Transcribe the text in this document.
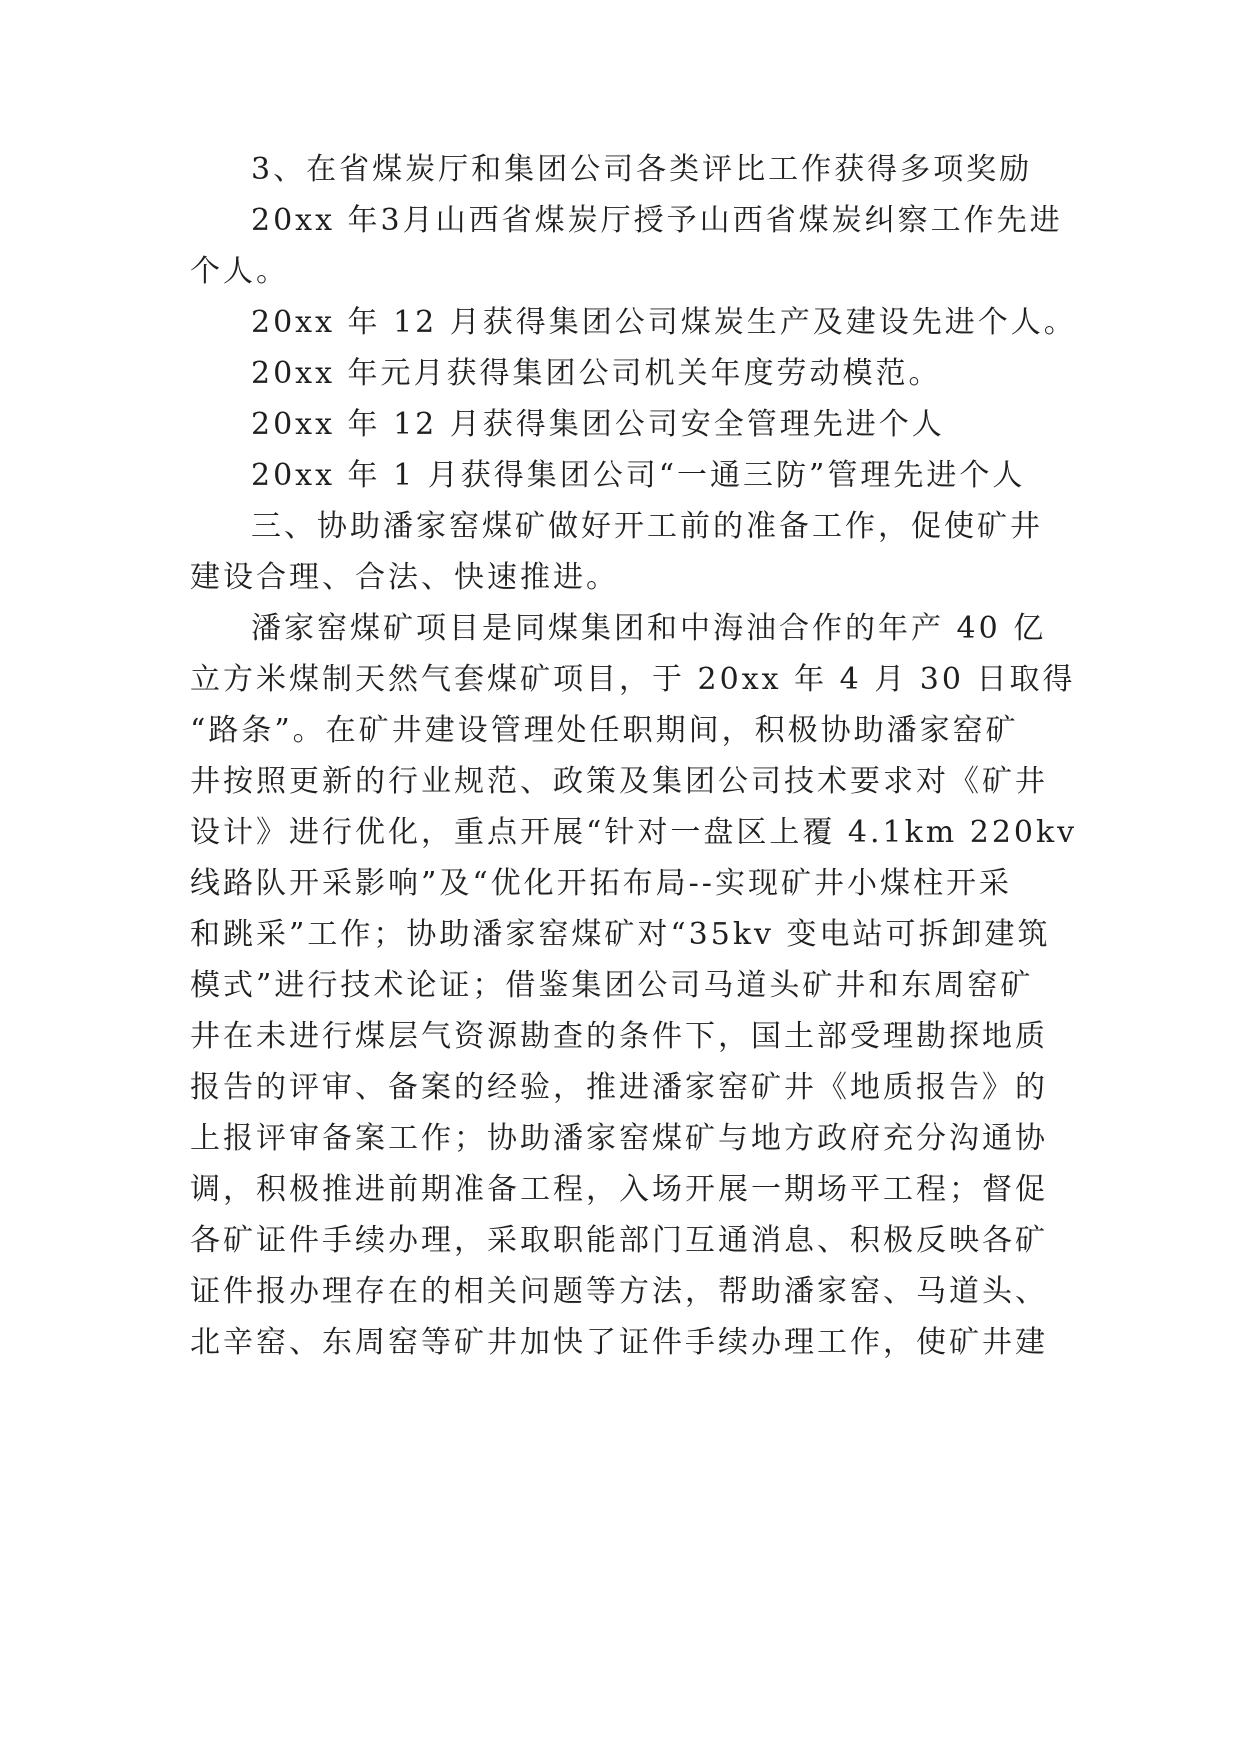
3、在省煤炭厅和集团公司各类评比工作获得多项奖励
20xx 年3月山西省煤炭厅授予山西省煤炭纠察工作先进
个人。
20xx 年 12 月获得集团公司煤炭生产及建设先进个人。
20xx 年元月获得集团公司机关年度劳动模范。
20xx 年 12 月获得集团公司安全管理先进个人
20xx 年 1 月获得集团公司“一通三防”管理先进个人
三、协助潘家窑煤矿做好开工前的准备工作，促使矿井
建设合理、合法、快速推进。
潘家窑煤矿项目是同煤集团和中海油合作的年产 40 亿
立方米煤制天然气套煤矿项目，于 20xx 年 4 月 30 日取得
“路条”。在矿井建设管理处任职期间，积极协助潘家窑矿
井按照更新的行业规范、政策及集团公司技术要求对《矿井
设计》进行优化，重点开展“针对一盘区上覆 4.1km 220kv
线路队开采影响”及“优化开拓布局--实现矿井小煤柱开采
和跳采”工作；协助潘家窑煤矿对“35kv 变电站可拆卸建筑
模式”进行技术论证；借鉴集团公司马道头矿井和东周窑矿
井在未进行煤层气资源勘查的条件下，国土部受理勘探地质
报告的评审、备案的经验，推进潘家窑矿井《地质报告》的
上报评审备案工作；协助潘家窑煤矿与地方政府充分沟通协
调，积极推进前期准备工程，入场开展一期场平工程；督促
各矿证件手续办理，采取职能部门互通消息、积极反映各矿
证件报办理存在的相关问题等方法，帮助潘家窑、马道头、
北辛窑、东周窑等矿井加快了证件手续办理工作，使矿井建
